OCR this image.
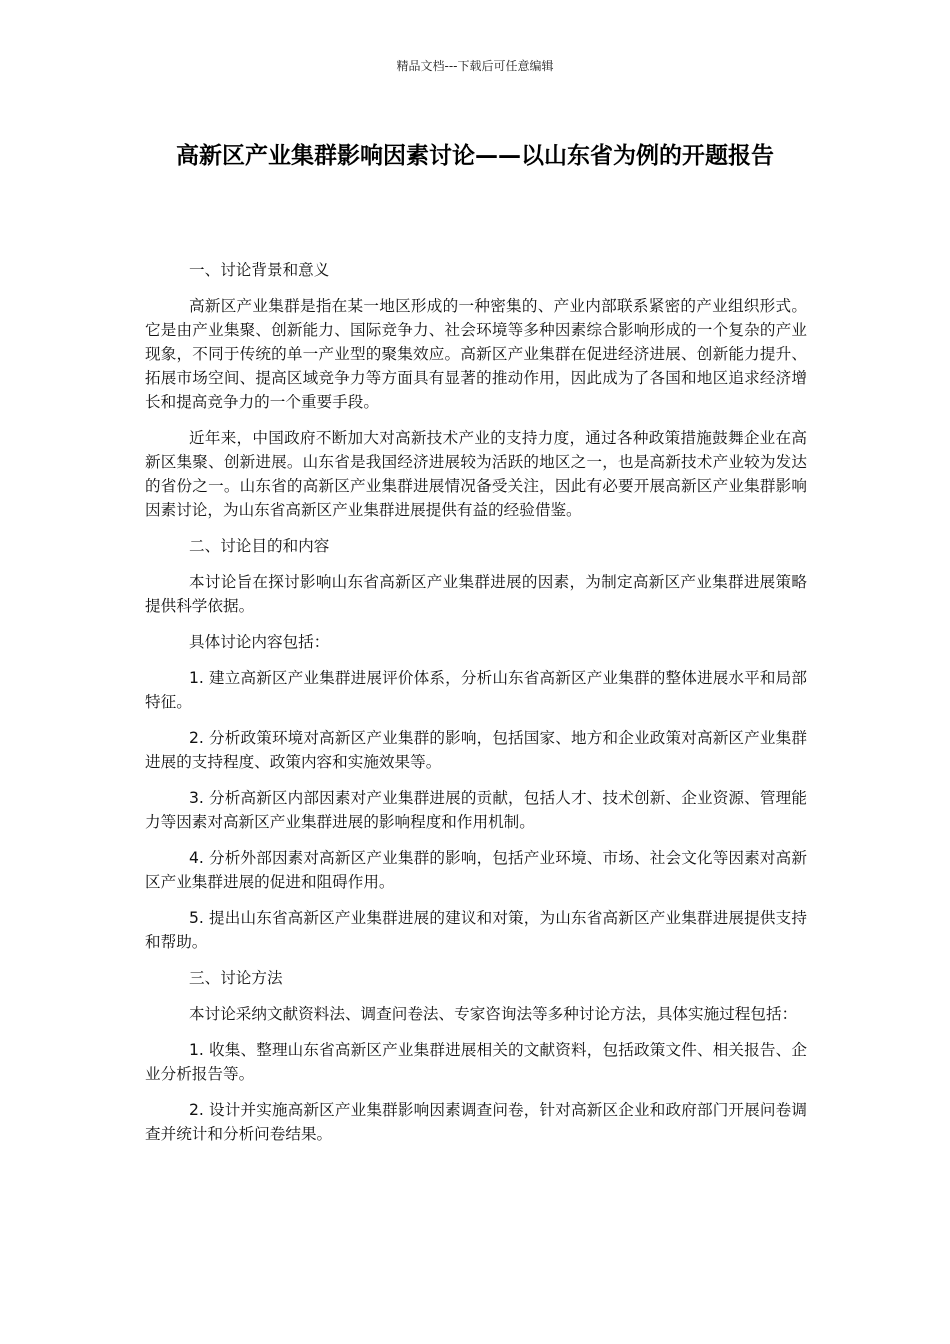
精品文档---下载后可任意编辑
高新区产业集群影响因素讨论——以山东省为例的开题报告

一、讨论背景和意义

高新区产业集群是指在某一地区形成的一种密集的、产业内部联系紧密的产业组织形式。它是由产业集聚、创新能力、国际竞争力、社会环境等多种因素综合影响形成的一个复杂的产业现象，不同于传统的单一产业型的聚集效应。高新区产业集群在促进经济进展、创新能力提升、拓展市场空间、提高区域竞争力等方面具有显著的推动作用，因此成为了各国和地区追求经济增长和提高竞争力的一个重要手段。

近年来，中国政府不断加大对高新技术产业的支持力度，通过各种政策措施鼓舞企业在高新区集聚、创新进展。山东省是我国经济进展较为活跃的地区之一，也是高新技术产业较为发达的省份之一。山东省的高新区产业集群进展情况备受关注，因此有必要开展高新区产业集群影响因素讨论，为山东省高新区产业集群进展提供有益的经验借鉴。

二、讨论目的和内容

本讨论旨在探讨影响山东省高新区产业集群进展的因素，为制定高新区产业集群进展策略提供科学依据。

具体讨论内容包括：

1. 建立高新区产业集群进展评价体系，分析山东省高新区产业集群的整体进展水平和局部特征。

2. 分析政策环境对高新区产业集群的影响，包括国家、地方和企业政策对高新区产业集群进展的支持程度、政策内容和实施效果等。

3. 分析高新区内部因素对产业集群进展的贡献，包括人才、技术创新、企业资源、管理能力等因素对高新区产业集群进展的影响程度和作用机制。

4. 分析外部因素对高新区产业集群的影响，包括产业环境、市场、社会文化等因素对高新区产业集群进展的促进和阻碍作用。

5. 提出山东省高新区产业集群进展的建议和对策，为山东省高新区产业集群进展提供支持和帮助。

三、讨论方法

本讨论采纳文献资料法、调查问卷法、专家咨询法等多种讨论方法，具体实施过程包括：

1. 收集、整理山东省高新区产业集群进展相关的文献资料，包括政策文件、相关报告、企业分析报告等。

2. 设计并实施高新区产业集群影响因素调查问卷，针对高新区企业和政府部门开展问卷调查并统计和分析问卷结果。
